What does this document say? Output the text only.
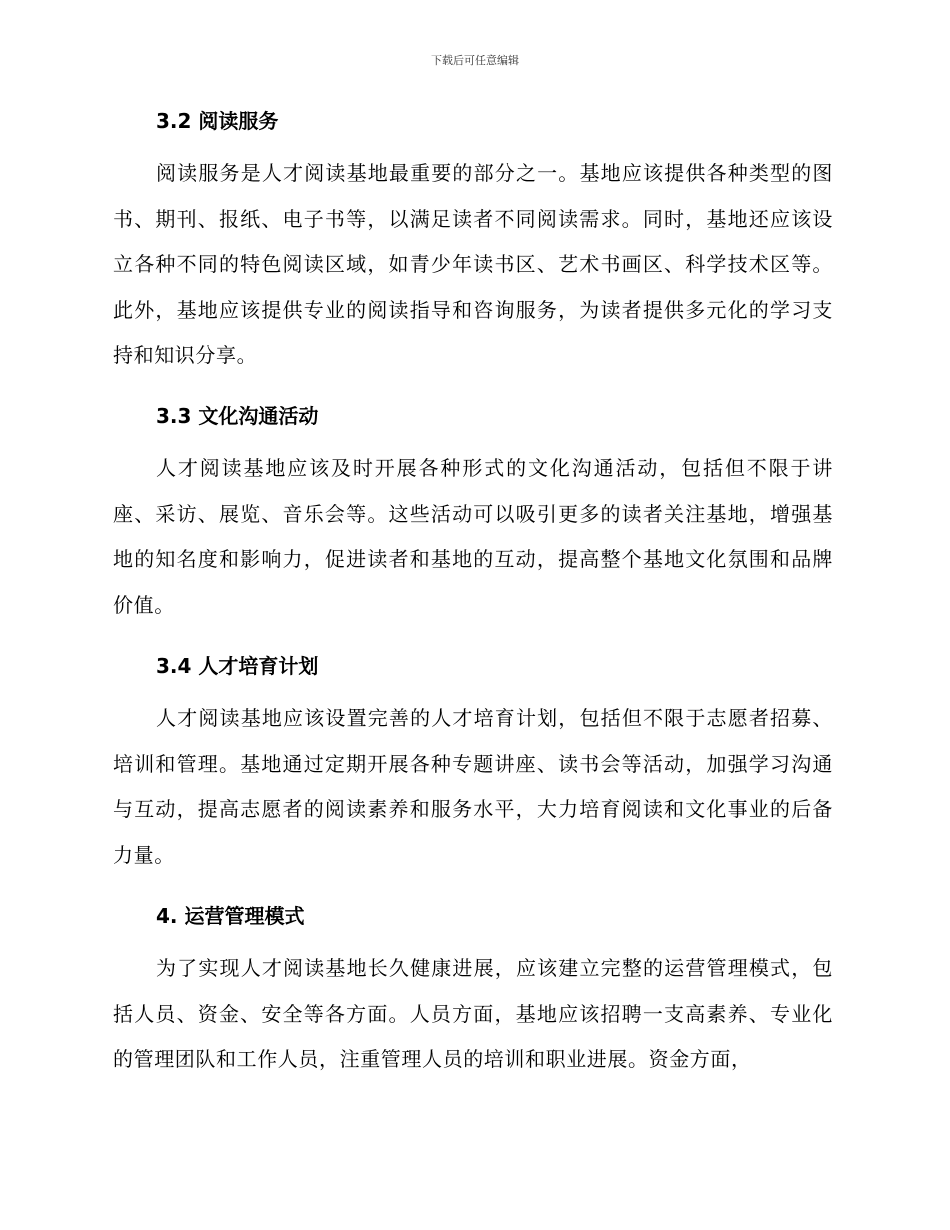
下载后可任意编辑
3.2 阅读服务

阅读服务是人才阅读基地最重要的部分之一。基地应该提供各种类型的图书、期刊、报纸、电子书等，以满足读者不同阅读需求。同时，基地还应该设立各种不同的特色阅读区域，如青少年读书区、艺术书画区、科学技术区等。此外，基地应该提供专业的阅读指导和咨询服务，为读者提供多元化的学习支持和知识分享。

3.3 文化沟通活动

人才阅读基地应该及时开展各种形式的文化沟通活动，包括但不限于讲座、采访、展览、音乐会等。这些活动可以吸引更多的读者关注基地，增强基地的知名度和影响力，促进读者和基地的互动，提高整个基地文化氛围和品牌价值。

3.4 人才培育计划

人才阅读基地应该设置完善的人才培育计划，包括但不限于志愿者招募、培训和管理。基地通过定期开展各种专题讲座、读书会等活动，加强学习沟通与互动，提高志愿者的阅读素养和服务水平，大力培育阅读和文化事业的后备力量。

4. 运营管理模式

为了实现人才阅读基地长久健康进展，应该建立完整的运营管理模式，包括人员、资金、安全等各方面。人员方面，基地应该招聘一支高素养、专业化的管理团队和工作人员，注重管理人员的培训和职业进展。资金方面，
